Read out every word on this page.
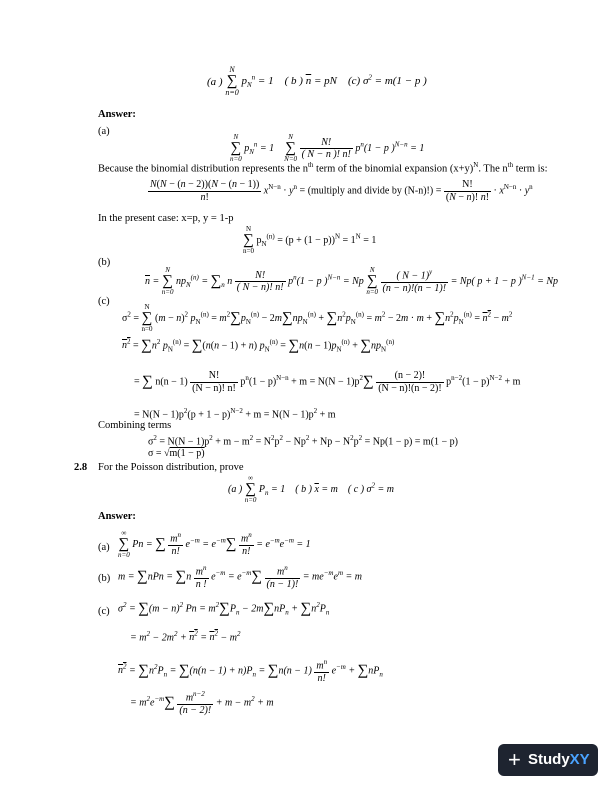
(a ) N
∑
n=0 $p_N^n = 1$    ( b ) $\overline{n}$ = pN    (c) $\sigma^2 = m(1 - p$ )
Answer:
(a)	N
∑
n=0 $p_N^n = 1$    N
∑
$N=0 \frac{N!}{( N - n )! n!} p^n(1 - p$ )$^{N-n}$ = 1
Because the binomial distribution represents the $n^{th}$ term of the binomial expansion $(x+y)^N$. The $n^{th}$ term is:
$\frac{N(N - (n - 2))(N - (n - 1))}{n!} x^{N-n} \cdot y^n$ = (multiply and divide by $(N-n)!) = \frac{N!}{(N - n)! n!} \cdot x^{N-n} \cdot y^n$
In the present case: x=p, y = 1-p
N
∑
n=0 $p_N^{(n)} = (p + (1 - p))^N = 1^N = 1$
(b)
$\overline{n} = N$
∑
n=0 $np_N^{(n)} = \sum_n$ n $\frac{N!}{( N - n)! n!} p^n(1 - p$ )$^{N-n}$ = Np N
∑
$n=0 \frac{( N - 1)^y}{(n - n)!(n - 1)!} = Np$( p + 1 − p )$^{N-1}$ = Np
(c)
$\sigma^2 = N$
∑
n=0 $(m - n)^2$ $p_N^{(n)} = m^2\sum p_N^{(n)} - 2m\sum np_N^{(n)} + \sum n^2p_N^{(n)} = m^2 - 2m \cdot m + \sum n^2p_N^{(n)} = n^2 - m^2$
$n^2 = \sum n^2$ $p_N^{(n)} = \sum(n(n - 1) + n) p_N^{(n)} = \sum n(n - 1)p_N^{(n)} + \sum np_N^{(n)}$
= ∑ $n(n - 1) \frac{N!}{(N - n)! n!} p^n(1 - p)^{N-n} + m = N(N - 1)p^2\sum \frac{(n - 2)!}{(N - n)!(n - 2)!} p^{n-2}(1 - p)^{N-2} + m$
= $N(N - 1)p^2(p + 1 - p)^{N-2} + m = N(N - 1)p^2 + m$
Combining terms
$\sigma^2 = N(N - 1)p^2 + m - m^2 = N^2p^2 - Np^2 + Np - N^2p^2 = Np(1 - p) = m(1 - p)$
σ = √m(1 − p)
2.8 For the Poisson distribution, prove
(a ) ∞
∑
n=0 $P_n = 1$    ( b ) $\overline{x} = m$    ( c ) $\sigma^2 = m$
Answer:
(a)
∞
∑
n=0 Pn = ∑ $\frac{m^n}{n!} e^{-m} = e^{-m}\sum \frac{m^n}{n!} = e^{-m}e^{-m} = 1$
(b) $m = \sum nPn = \sum n \frac{m^n}{n !} e^{-m} = e^{-m}\sum \frac{m^n}{(n - 1)!} = me^{-m}e^m = m$
(c) $\sigma^2 = \sum(m - n)^2$ $Pn = m^2\sum P_n - 2m\sum nP_n + \sum n^2P_n$
= $m^2 - 2m^2 + n^2 = n^2 - m^2$
$n^2 = \sum n^2P_n = \sum(n(n - 1) + n)P_n = \sum n(n - 1) \frac{m^n}{n!} e^{-m} + \sum nP_n$
= $m^2e^{-m}\sum \frac{m^{n-2}}{(n - 2)!} + m - m^2 + m$
+ StudyXY
